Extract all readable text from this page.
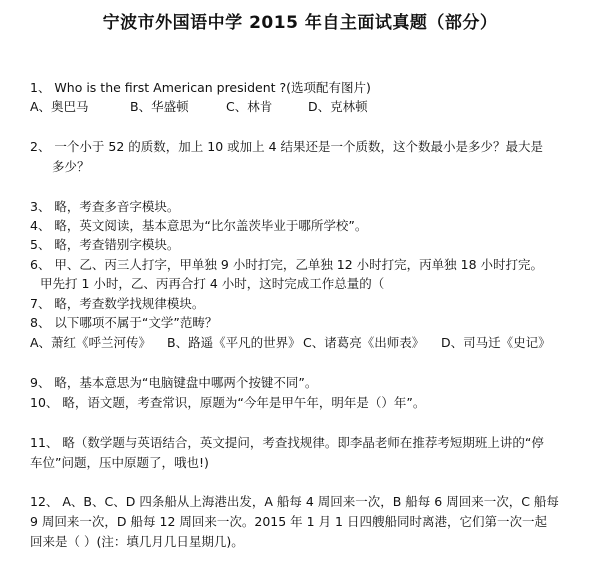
宁波市外国语中学 2015 年自主面试真题（部分）
1、 Who is the first American president ?(选项配有图片)
A、奥巴马	B、华盛顿	C、林肯	D、克林顿
2、 一个小于 52 的质数，加上 10 或加上 4 结果还是一个质数，这个数最小是多少？最大是
多少？
3、 略，考查多音字模块。
4、 略，英文阅读，基本意思为“比尔盖茨毕业于哪所学校”。
5、 略，考查错别字模块。
6、 甲、乙、丙三人打字，甲单独 9 小时打完，乙单独 12 小时打完，丙单独 18 小时打完。
甲先打 1 小时，乙、丙再合打 4 小时，这时完成工作总量的（
7、 略，考查数学找规律模块。
8、 以下哪项不属于“文学”范畴？
A、萧红《呼兰河传》 B、路遥《平凡的世界》 C、诸葛亮《出师表》 D、司马迁《史记》
9、 略，基本意思为“电脑键盘中哪两个按键不同”。
10、 略，语文题，考查常识，原题为“今年是甲午年，明年是（）年”。
11、 略（数学题与英语结合，英文提问，考查找规律。即李晶老师在推荐考短期班上讲的“停
车位”问题，压中原题了，哦也!)
12、 A、B、C、D 四条船从上海港出发，A 船每 4 周回来一次，B 船每 6 周回来一次，C 船每
9 周回来一次，D 船每 12 周回来一次。2015 年 1 月 1 日四艘船同时离港，它们第一次一起
回来是（ ）(注：填几月几日星期几)。
